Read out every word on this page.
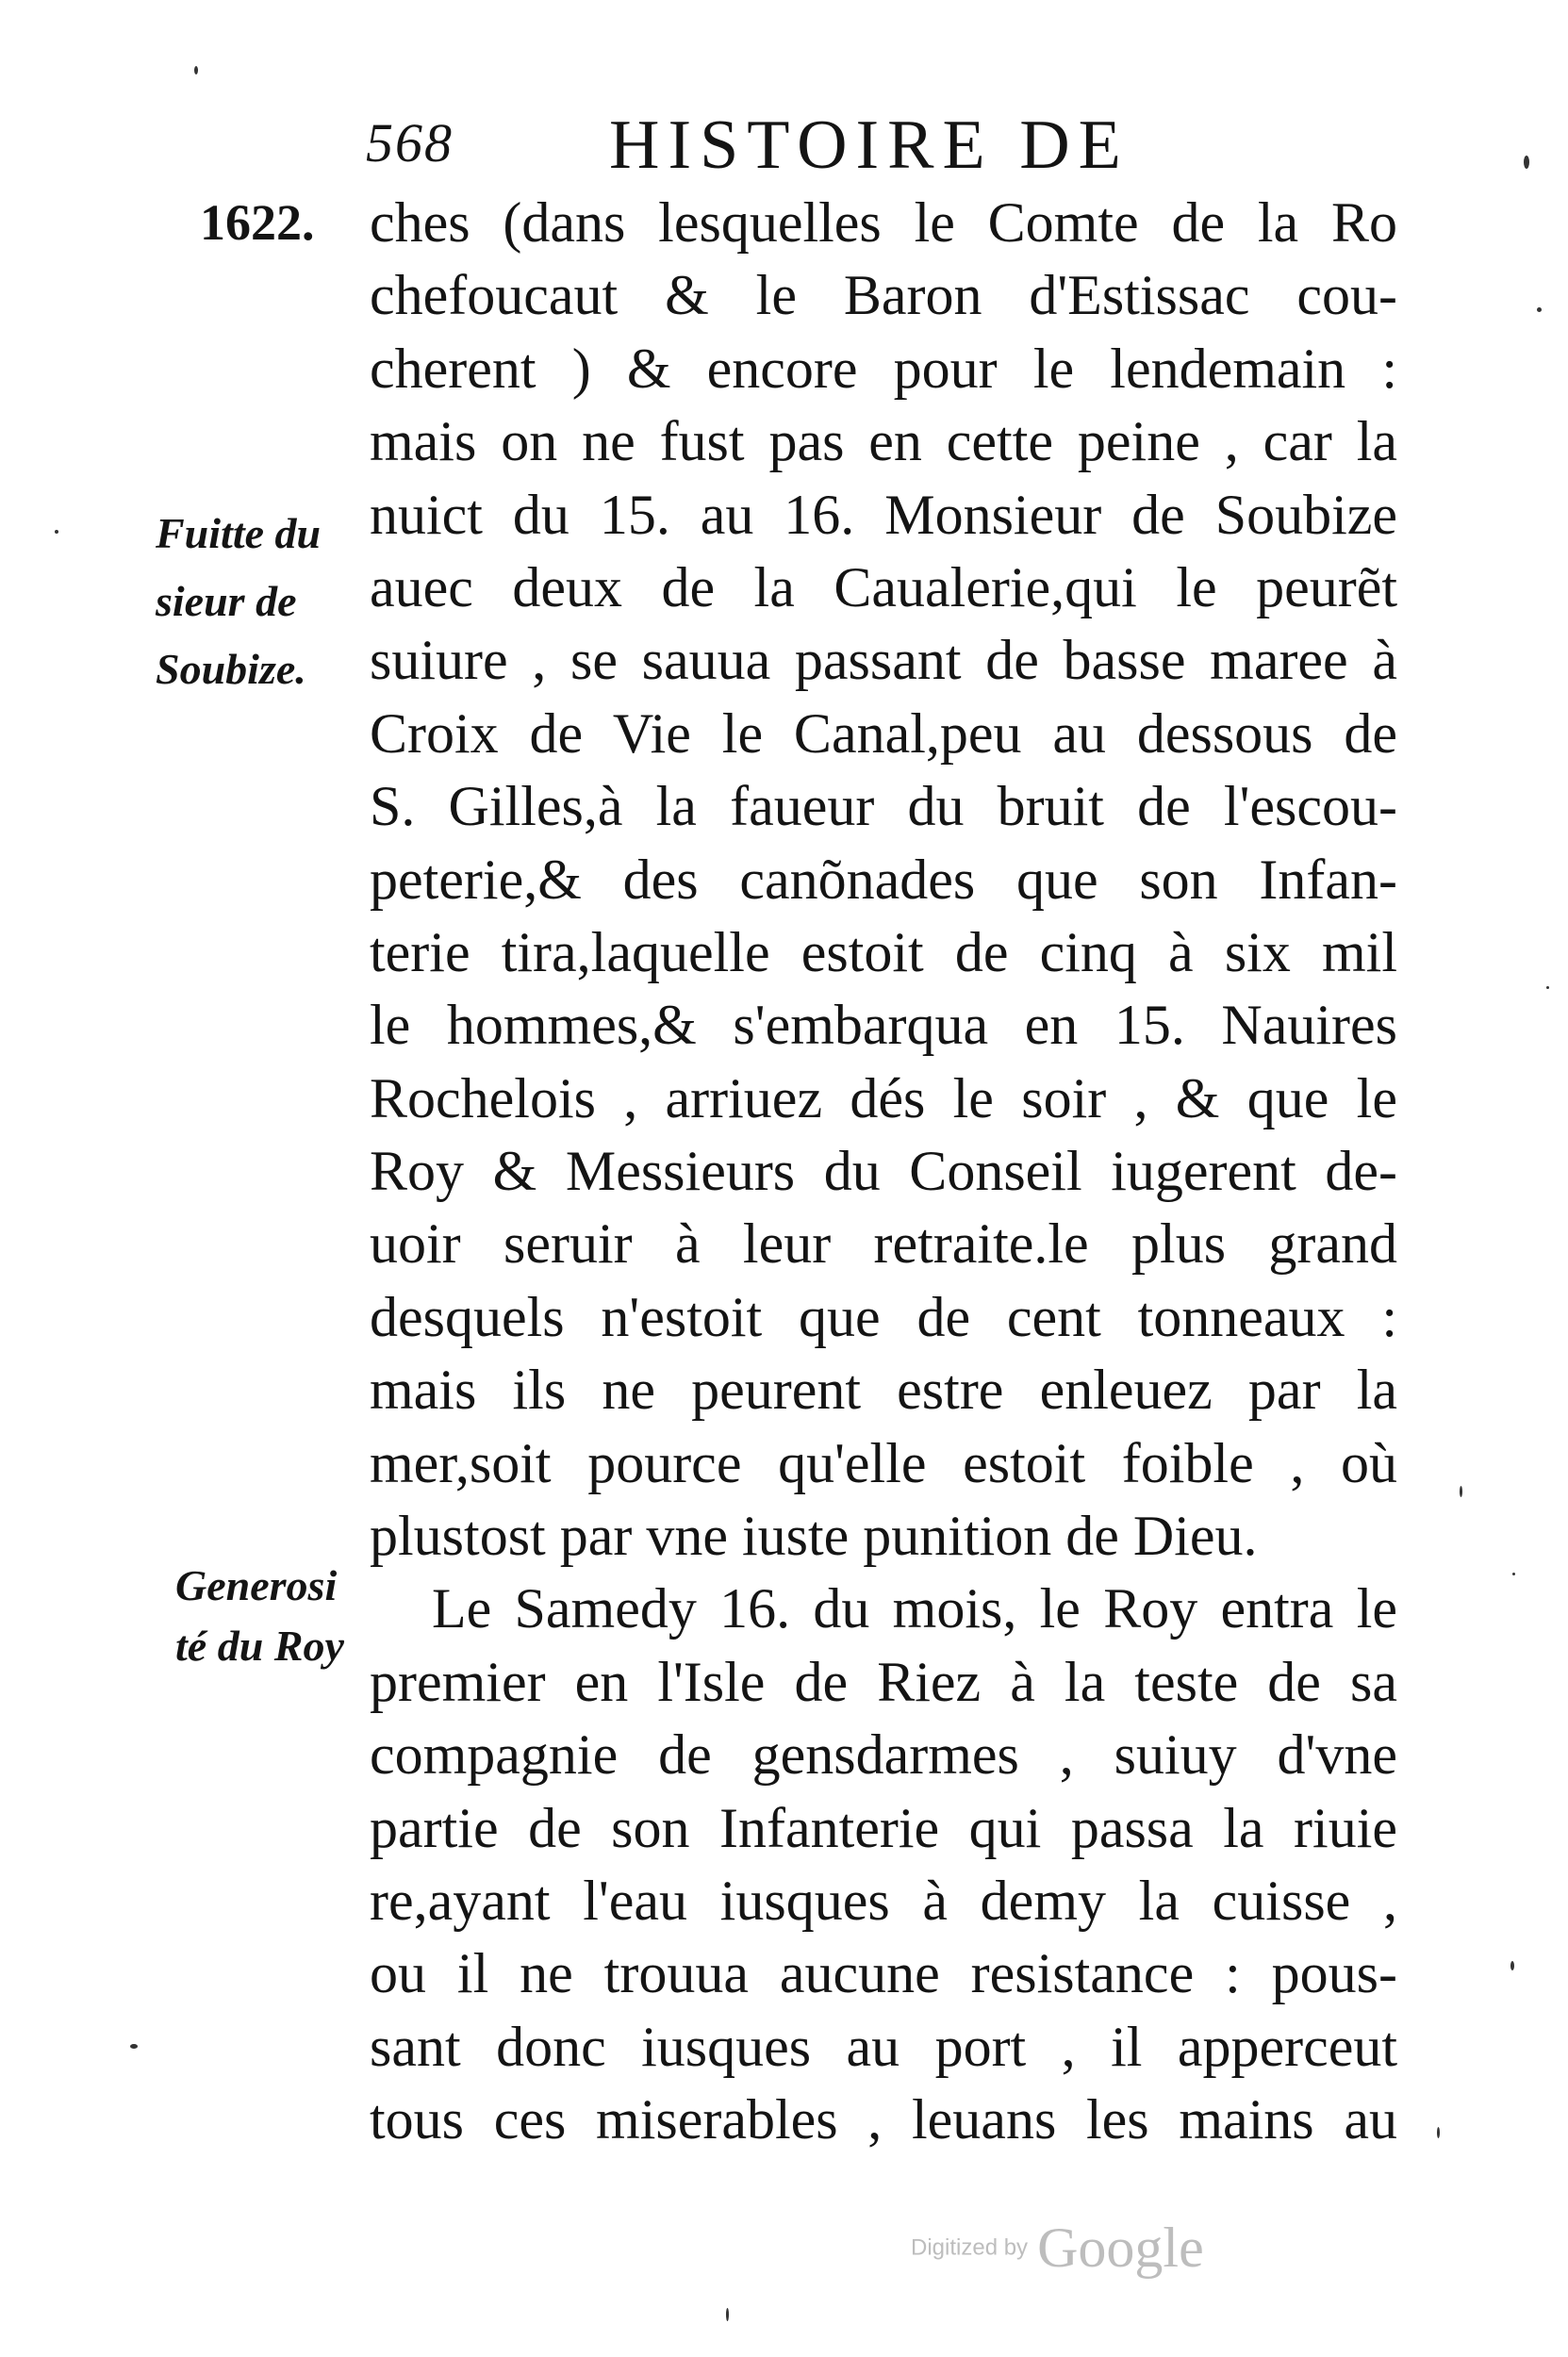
568 HISTOIRE DE
1622.
Fuitte du
sieur de
Soubize.
Generosi
té du Roy
ches (dans lesquelles le Comte de la Ro
chefoucaut & le Baron d'Estissac cou-
cherent ) & encore pour le lendemain :
mais on ne fust pas en cette peine , car la
nuict du 15. au 16. Monsieur de Soubize
auec deux de la Caualerie,qui le peurẽt
suiure , se sauua passant de basse maree à
Croix de Vie le Canal,peu au dessous de
S. Gilles,à la faueur du bruit de l'escou-
peterie,& des canõnades que son Infan-
terie tira,laquelle estoit de cinq à six mil
le hommes,& s'embarqua en 15. Nauires
Rochelois , arriuez dés le soir , & que le
Roy & Messieurs du Conseil iugerent de-
uoir seruir à leur retraite.le plus grand
desquels n'estoit que de cent tonneaux :
mais ils ne peurent estre enleuez par la
mer,soit pource qu'elle estoit foible , où
plustost par vne iuste punition de Dieu.
Le Samedy 16. du mois, le Roy entra le
premier en l'Isle de Riez à la teste de sa
compagnie de gensdarmes , suiuy d'vne
partie de son Infanterie qui passa la riuie
re,ayant l'eau iusques à demy la cuisse ,
ou il ne trouua aucune resistance : pous-
sant donc iusques au port , il apperceut
tous ces miserables , leuans les mains au
Digitized by Google
